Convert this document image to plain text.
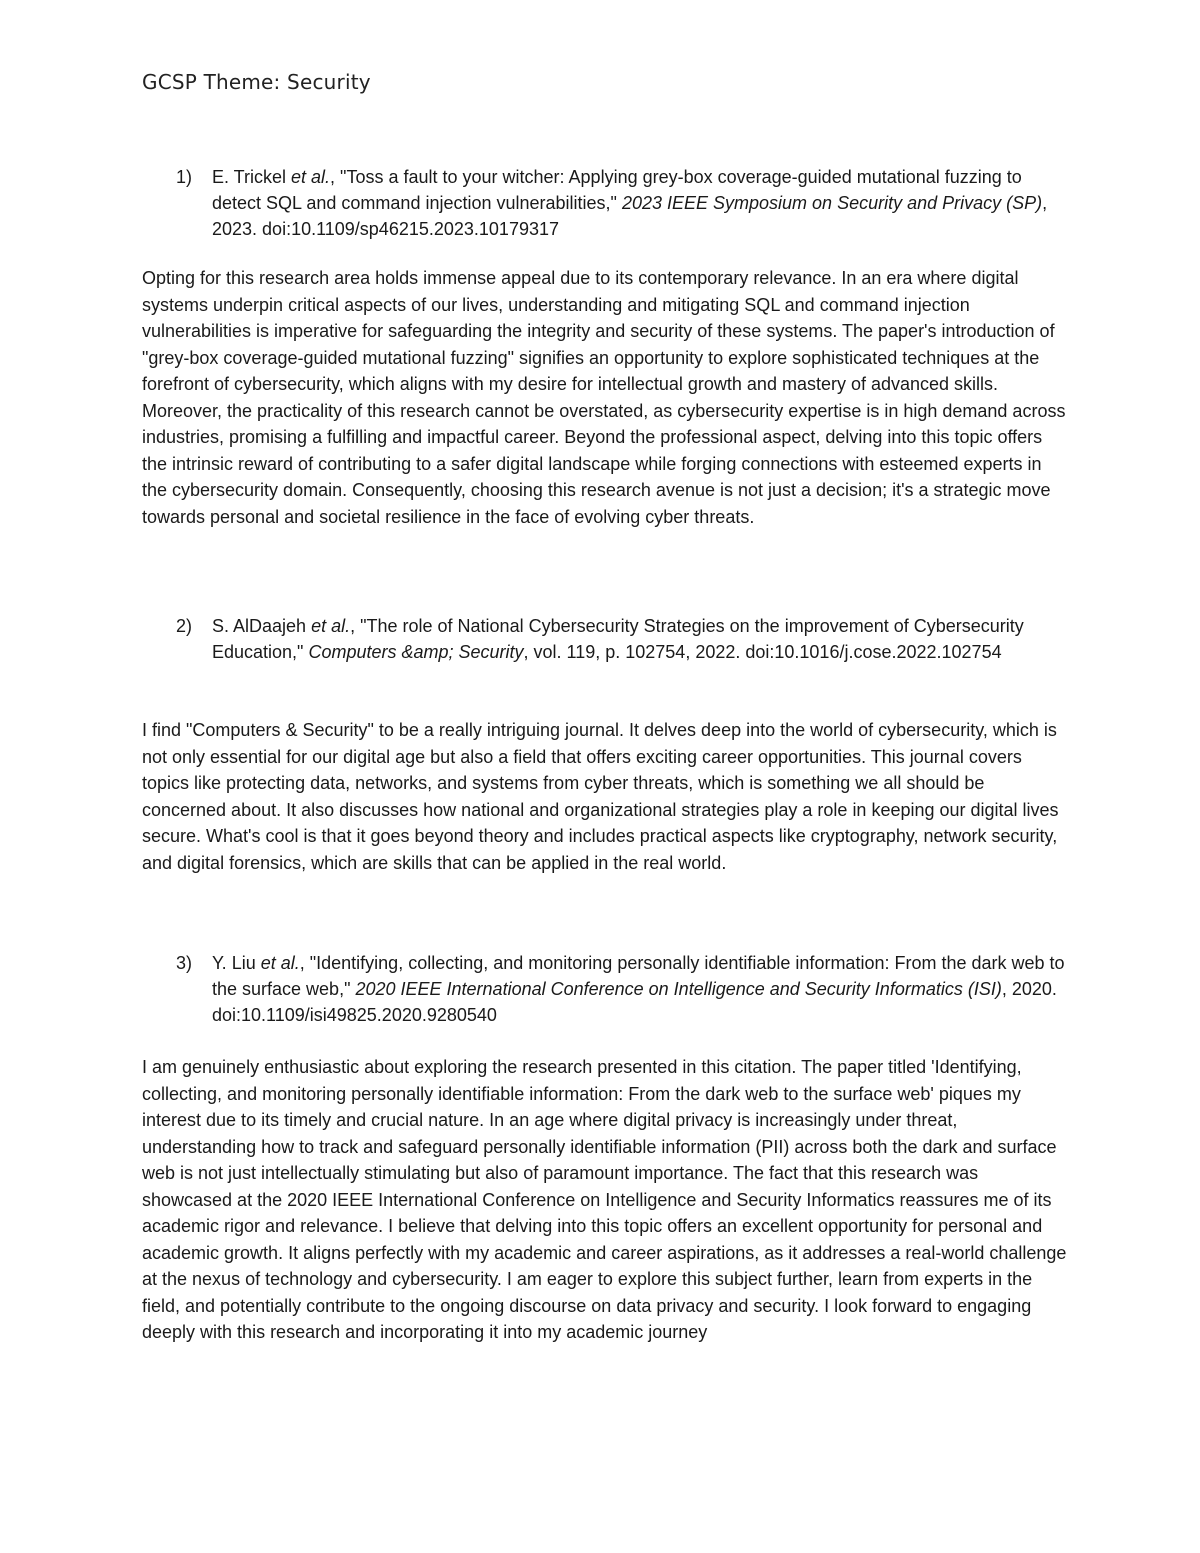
GCSP Theme: Security
1)	E. Trickel et al., "Toss a fault to your witcher: Applying grey-box coverage-guided mutational fuzzing to detect SQL and command injection vulnerabilities," 2023 IEEE Symposium on Security and Privacy (SP), 2023. doi:10.1109/sp46215.2023.10179317

Opting for this research area holds immense appeal due to its contemporary relevance. In an era where digital systems underpin critical aspects of our lives, understanding and mitigating SQL and command injection vulnerabilities is imperative for safeguarding the integrity and security of these systems. The paper's introduction of "grey-box coverage-guided mutational fuzzing" signifies an opportunity to explore sophisticated techniques at the forefront of cybersecurity, which aligns with my desire for intellectual growth and mastery of advanced skills. Moreover, the practicality of this research cannot be overstated, as cybersecurity expertise is in high demand across industries, promising a fulfilling and impactful career. Beyond the professional aspect, delving into this topic offers the intrinsic reward of contributing to a safer digital landscape while forging connections with esteemed experts in the cybersecurity domain. Consequently, choosing this research avenue is not just a decision; it's a strategic move towards personal and societal resilience in the face of evolving cyber threats.

2)	S. AlDaajeh et al., "The role of National Cybersecurity Strategies on the improvement of Cybersecurity Education," Computers &amp; Security, vol. 119, p. 102754, 2022. doi:10.1016/j.cose.2022.102754

I find "Computers & Security" to be a really intriguing journal. It delves deep into the world of cybersecurity, which is not only essential for our digital age but also a field that offers exciting career opportunities. This journal covers topics like protecting data, networks, and systems from cyber threats, which is something we all should be concerned about. It also discusses how national and organizational strategies play a role in keeping our digital lives secure. What's cool is that it goes beyond theory and includes practical aspects like cryptography, network security, and digital forensics, which are skills that can be applied in the real world.

3)	Y. Liu et al., "Identifying, collecting, and monitoring personally identifiable information: From the dark web to the surface web," 2020 IEEE International Conference on Intelligence and Security Informatics (ISI), 2020. doi:10.1109/isi49825.2020.9280540

I am genuinely enthusiastic about exploring the research presented in this citation. The paper titled 'Identifying, collecting, and monitoring personally identifiable information: From the dark web to the surface web' piques my interest due to its timely and crucial nature. In an age where digital privacy is increasingly under threat, understanding how to track and safeguard personally identifiable information (PII) across both the dark and surface web is not just intellectually stimulating but also of paramount importance. The fact that this research was showcased at the 2020 IEEE International Conference on Intelligence and Security Informatics reassures me of its academic rigor and relevance. I believe that delving into this topic offers an excellent opportunity for personal and academic growth. It aligns perfectly with my academic and career aspirations, as it addresses a real-world challenge at the nexus of technology and cybersecurity. I am eager to explore this subject further, learn from experts in the field, and potentially contribute to the ongoing discourse on data privacy and security. I look forward to engaging deeply with this research and incorporating it into my academic journey
